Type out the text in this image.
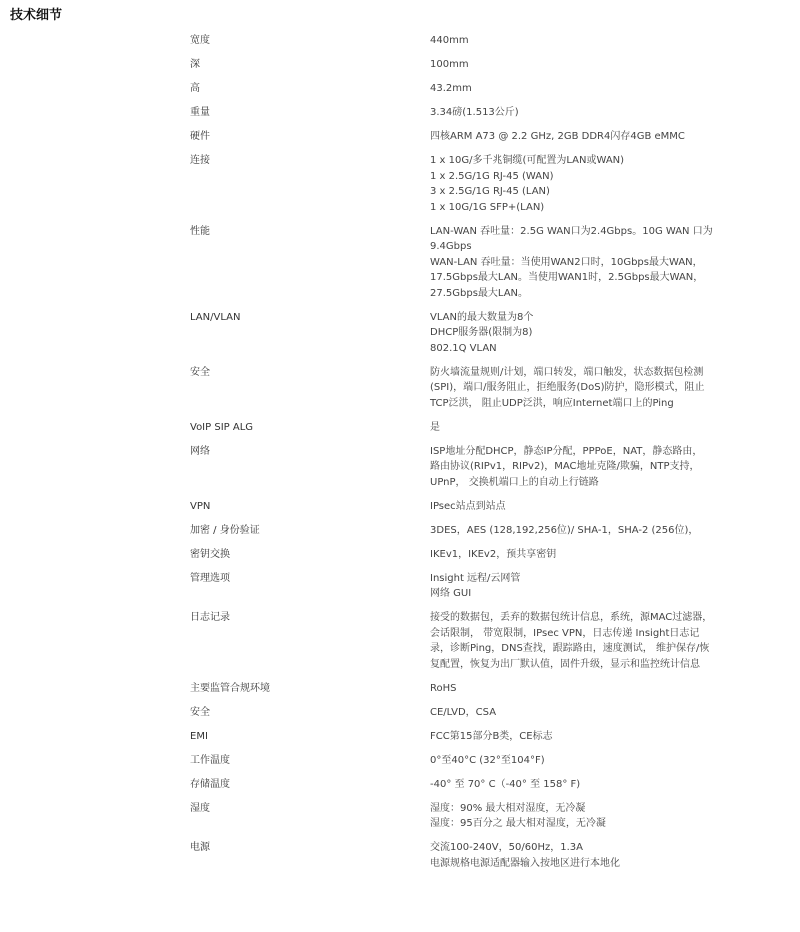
技术细节
宽度	440mm
深	100mm
高	43.2mm
重量	3.34磅(1.513公斤)
硬件	四核ARM A73 @ 2.2 GHz, 2GB DDR4闪存4GB eMMC
连接	1 x 10G/多千兆铜缆(可配置为LAN或WAN)
1 x 2.5G/1G RJ-45 (WAN)
3 x 2.5G/1G RJ-45 (LAN)
1 x 10G/1G SFP+(LAN)
性能	LAN-WAN 吞吐量：2.5G WAN口为2.4Gbps。10G WAN 口为
9.4Gbps
WAN-LAN 吞吐量：当使用WAN2口时，10Gbps最大WAN，
17.5Gbps最大LAN。当使用WAN1时，2.5Gbps最大WAN，
27.5Gbps最大LAN。
LAN/VLAN	VLAN的最大数量为8个
DHCP服务器(限制为8)
802.1Q VLAN
安全	防火墙流量规则/计划，端口转发，端口触发，状态数据包检测
(SPI)，端口/服务阻止，拒绝服务(DoS)防护，隐形模式，阻止
TCP泛洪， 阻止UDP泛洪，响应Internet端口上的Ping
VoIP SIP ALG	是
网络	ISP地址分配DHCP，静态IP分配，PPPoE，NAT，静态路由，
路由协议(RIPv1，RIPv2)，MAC地址克隆/欺骗，NTP支持，
UPnP， 交换机端口上的自动上行链路
VPN	IPsec站点到站点
加密 / 身份验证	3DES，AES (128,192,256位)/ SHA-1，SHA-2 (256位)，
密钥交换	IKEv1，IKEv2，预共享密钥
管理选项	Insight 远程/云网管
网络 GUI
日志记录	接受的数据包，丢弃的数据包统计信息，系统，源MAC过滤器，
会话限制， 带宽限制，IPsec VPN，日志传递 Insight日志记
录，诊断Ping，DNS查找，跟踪路由，速度测试， 维护保存/恢
复配置，恢复为出厂默认值，固件升级，显示和监控统计信息
主要监管合规环境	RoHS
安全	CE/LVD，CSA
EMI	FCC第15部分B类，CE标志
工作温度	0°至40°C (32°至104°F)
存储温度	-40° 至 70° C（-40° 至 158° F)
湿度	湿度：90% 最大相对湿度，无冷凝
湿度：95百分之 最大相对湿度，无冷凝
电源	交流100-240V，50/60Hz，1.3A
电源规格电源适配器输入按地区进行本地化
